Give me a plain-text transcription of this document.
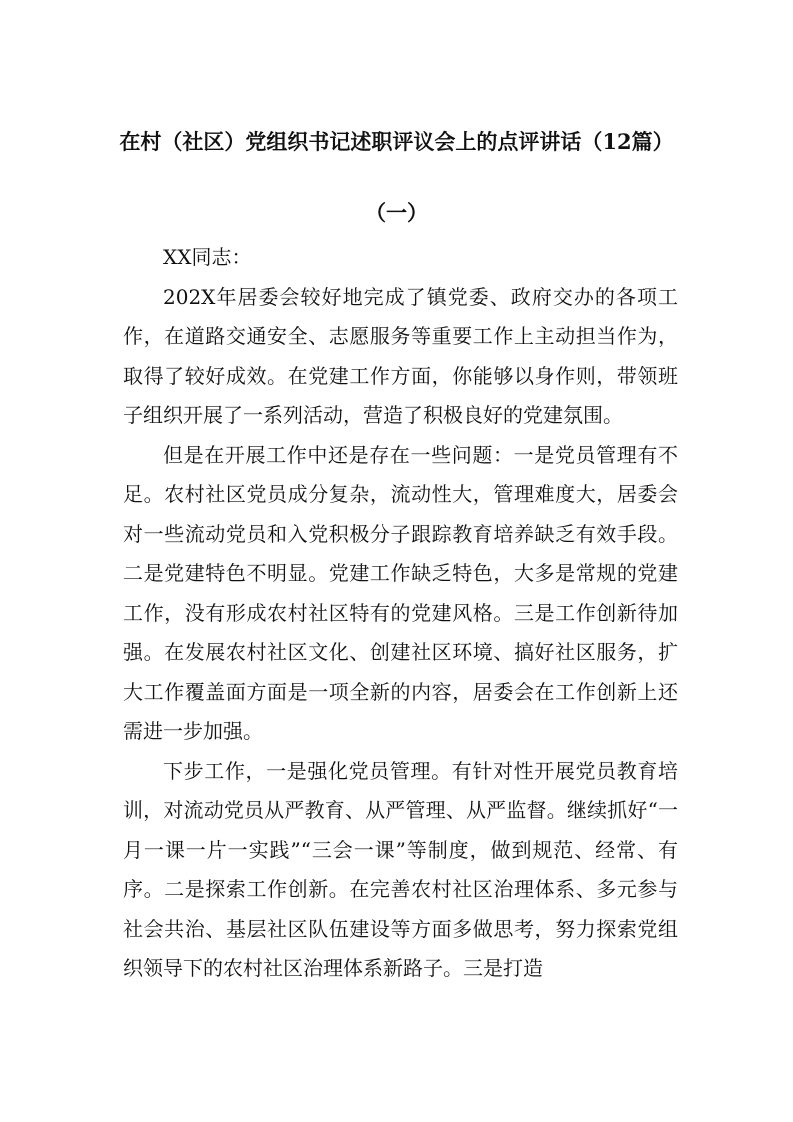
在村（社区）党组织书记述职评议会上的点评讲话（12篇）
（一）

XX同志：

202X年居委会较好地完成了镇党委、政府交办的各项工作，在道路交通安全、志愿服务等重要工作上主动担当作为，取得了较好成效。在党建工作方面，你能够以身作则，带领班子组织开展了一系列活动，营造了积极良好的党建氛围。

但是在开展工作中还是存在一些问题：一是党员管理有不足。农村社区党员成分复杂，流动性大，管理难度大，居委会对一些流动党员和入党积极分子跟踪教育培养缺乏有效手段。二是党建特色不明显。党建工作缺乏特色，大多是常规的党建工作，没有形成农村社区特有的党建风格。三是工作创新待加强。在发展农村社区文化、创建社区环境、搞好社区服务，扩大工作覆盖面方面是一项全新的内容，居委会在工作创新上还需进一步加强。

下步工作，一是强化党员管理。有针对性开展党员教育培训，对流动党员从严教育、从严管理、从严监督。继续抓好“一月一课一片一实践”“三会一课”等制度，做到规范、经常、有序。二是探索工作创新。在完善农村社区治理体系、多元参与社会共治、基层社区队伍建设等方面多做思考，努力探索党组织领导下的农村社区治理体系新路子。三是打造
